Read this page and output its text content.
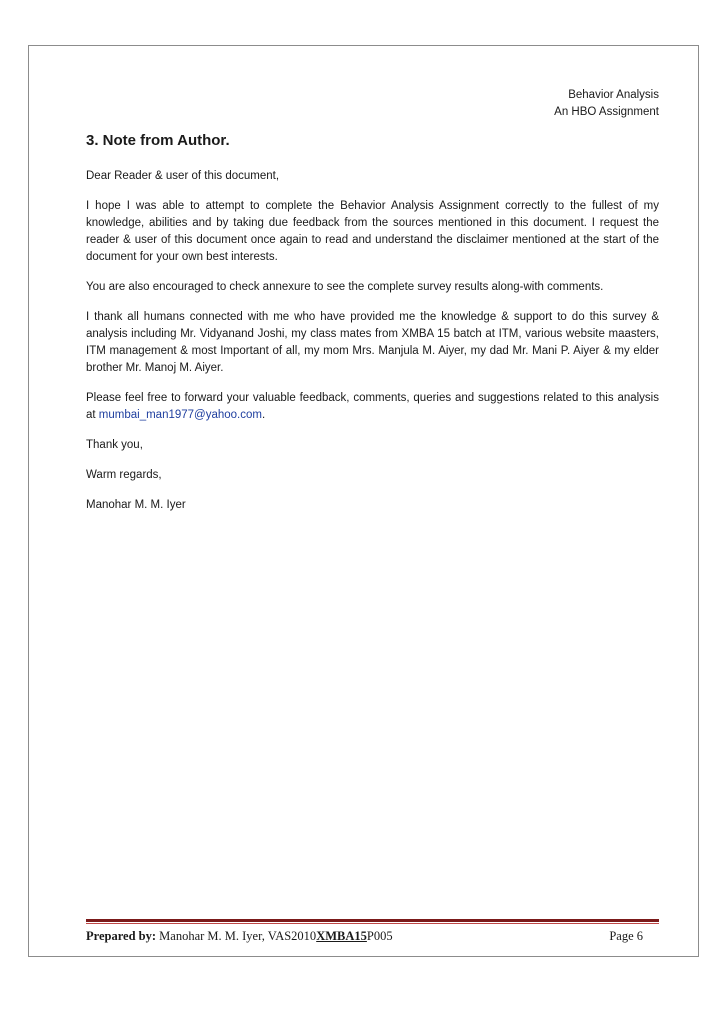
Behavior Analysis
An HBO Assignment
3. Note from Author.

Dear Reader & user of this document,

I hope I was able to attempt to complete the Behavior Analysis Assignment correctly to the fullest of my knowledge, abilities and by taking due feedback from the sources mentioned in this document. I request the reader & user of this document once again to read and understand the disclaimer mentioned at the start of the document for your own best interests.

You are also encouraged to check annexure to see the complete survey results along-with comments.

I thank all humans connected with me who have provided me the knowledge & support to do this survey & analysis including Mr. Vidyanand Joshi, my class mates from XMBA 15 batch at ITM, various website maasters, ITM management & most Important of all, my mom Mrs. Manjula M. Aiyer, my dad Mr. Mani P. Aiyer & my elder brother Mr. Manoj M. Aiyer.

Please feel free to forward your valuable feedback, comments, queries and suggestions related to this analysis at mumbai_man1977@yahoo.com.

Thank you,

Warm regards,

Manohar M. M. Iyer

Prepared by: Manohar M. M. Iyer, VAS2010XMBA15P005	Page 6
